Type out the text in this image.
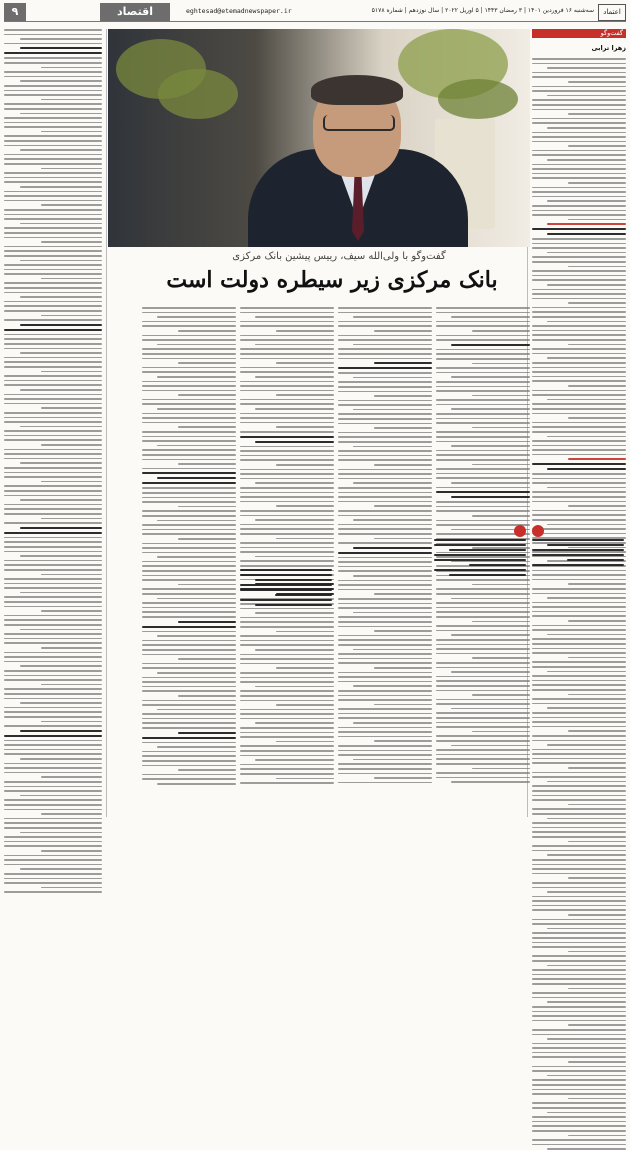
۹	اقتصاد	eghtesad@etemadnewspaper.ir	سه‌شنبه ۱۶ فروردین ۱۴۰۱ | ۳ رمضان ۱۴۴۳ | ۵ آوریل ۲۰۲۲ | سال نوزدهم | شماره ۵۱۷۸	اعتماد
گفت‌وگو
زهرا ترابی
گفت‌وگو با ولی‌الله سیف، رییس پیشین بانک مرکزی
بانک مرکزی زیر سیطره دولت است
